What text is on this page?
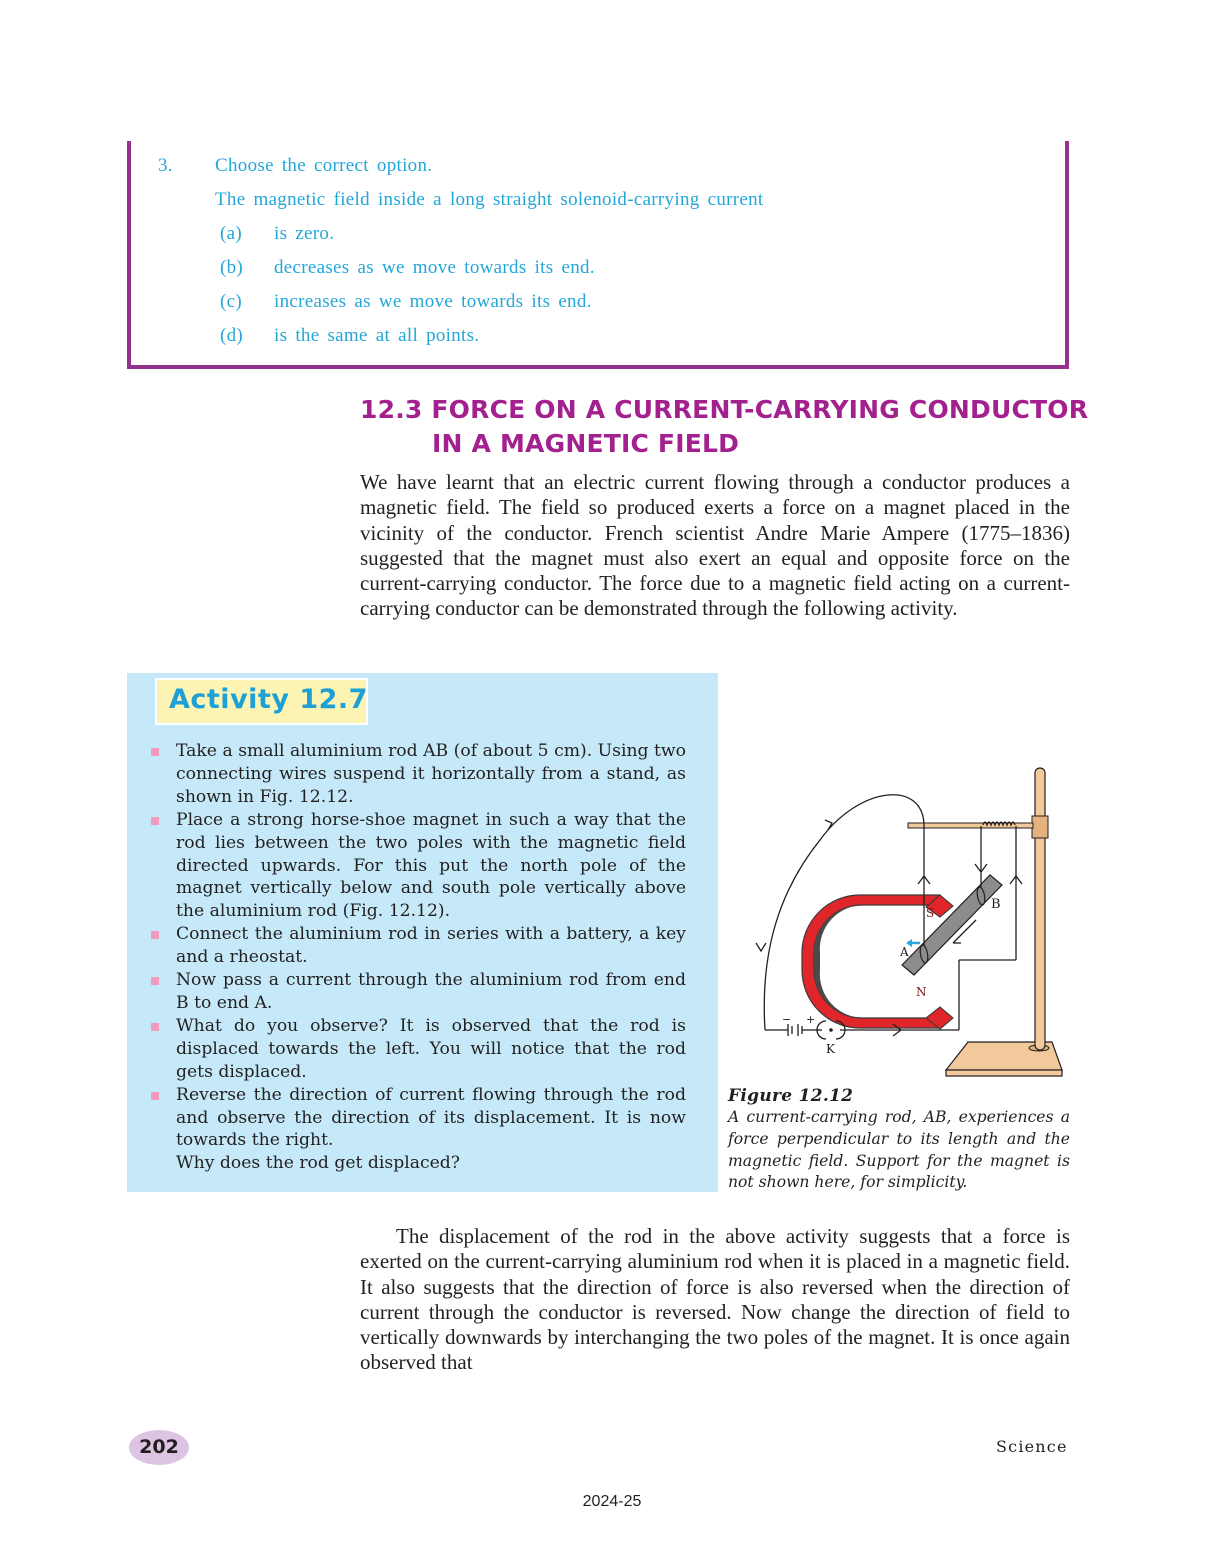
3. Choose the correct option.
The magnetic field inside a long straight solenoid-carrying current
(a) is zero.
(b) decreases as we move towards its end.
(c) increases as we move towards its end.
(d) is the same at all points.
12.3 FORCE ON A CURRENT-CARRYING CONDUCTOR
IN A MAGNETIC FIELD

We have learnt that an electric current flowing through a conductor produces a magnetic field. The field so produced exerts a force on a magnet placed in the vicinity of the conductor. French scientist Andre Marie Ampere (1775–1836) suggested that the magnet must also exert an equal and opposite force on the current-carrying conductor. The force due to a magnetic field acting on a current-carrying conductor can be demonstrated through the following activity.

Activity 12.7
Take a small aluminium rod AB (of about 5 cm). Using two connecting wires suspend it horizontally from a stand, as shown in Fig. 12.12.
Place a strong horse-shoe magnet in such a way that the rod lies between the two poles with the magnetic field directed upwards. For this put the north pole of the magnet vertically below and south pole vertically above the aluminium rod (Fig. 12.12).
Connect the aluminium rod in series with a battery, a key and a rheostat.
Now pass a current through the aluminium rod from end B to end A.
What do you observe? It is observed that the rod is displaced towards the left. You will notice that the rod gets displaced.
Reverse the direction of current flowing through the rod and observe the direction of its displacement. It is now towards the right.
Why does the rod get displaced?
S
N
A
B
− +
K
Figure 12.12
A current-carrying rod, AB, experiences a force perpendicular to its length and the magnetic field. Support for the magnet is not shown here, for simplicity.

The displacement of the rod in the above activity suggests that a force is exerted on the current-carrying aluminium rod when it is placed in a magnetic field. It also suggests that the direction of force is also reversed when the direction of current through the conductor is reversed. Now change the direction of field to vertically downwards by interchanging the two poles of the magnet. It is once again observed that

202	Science
2024-25
